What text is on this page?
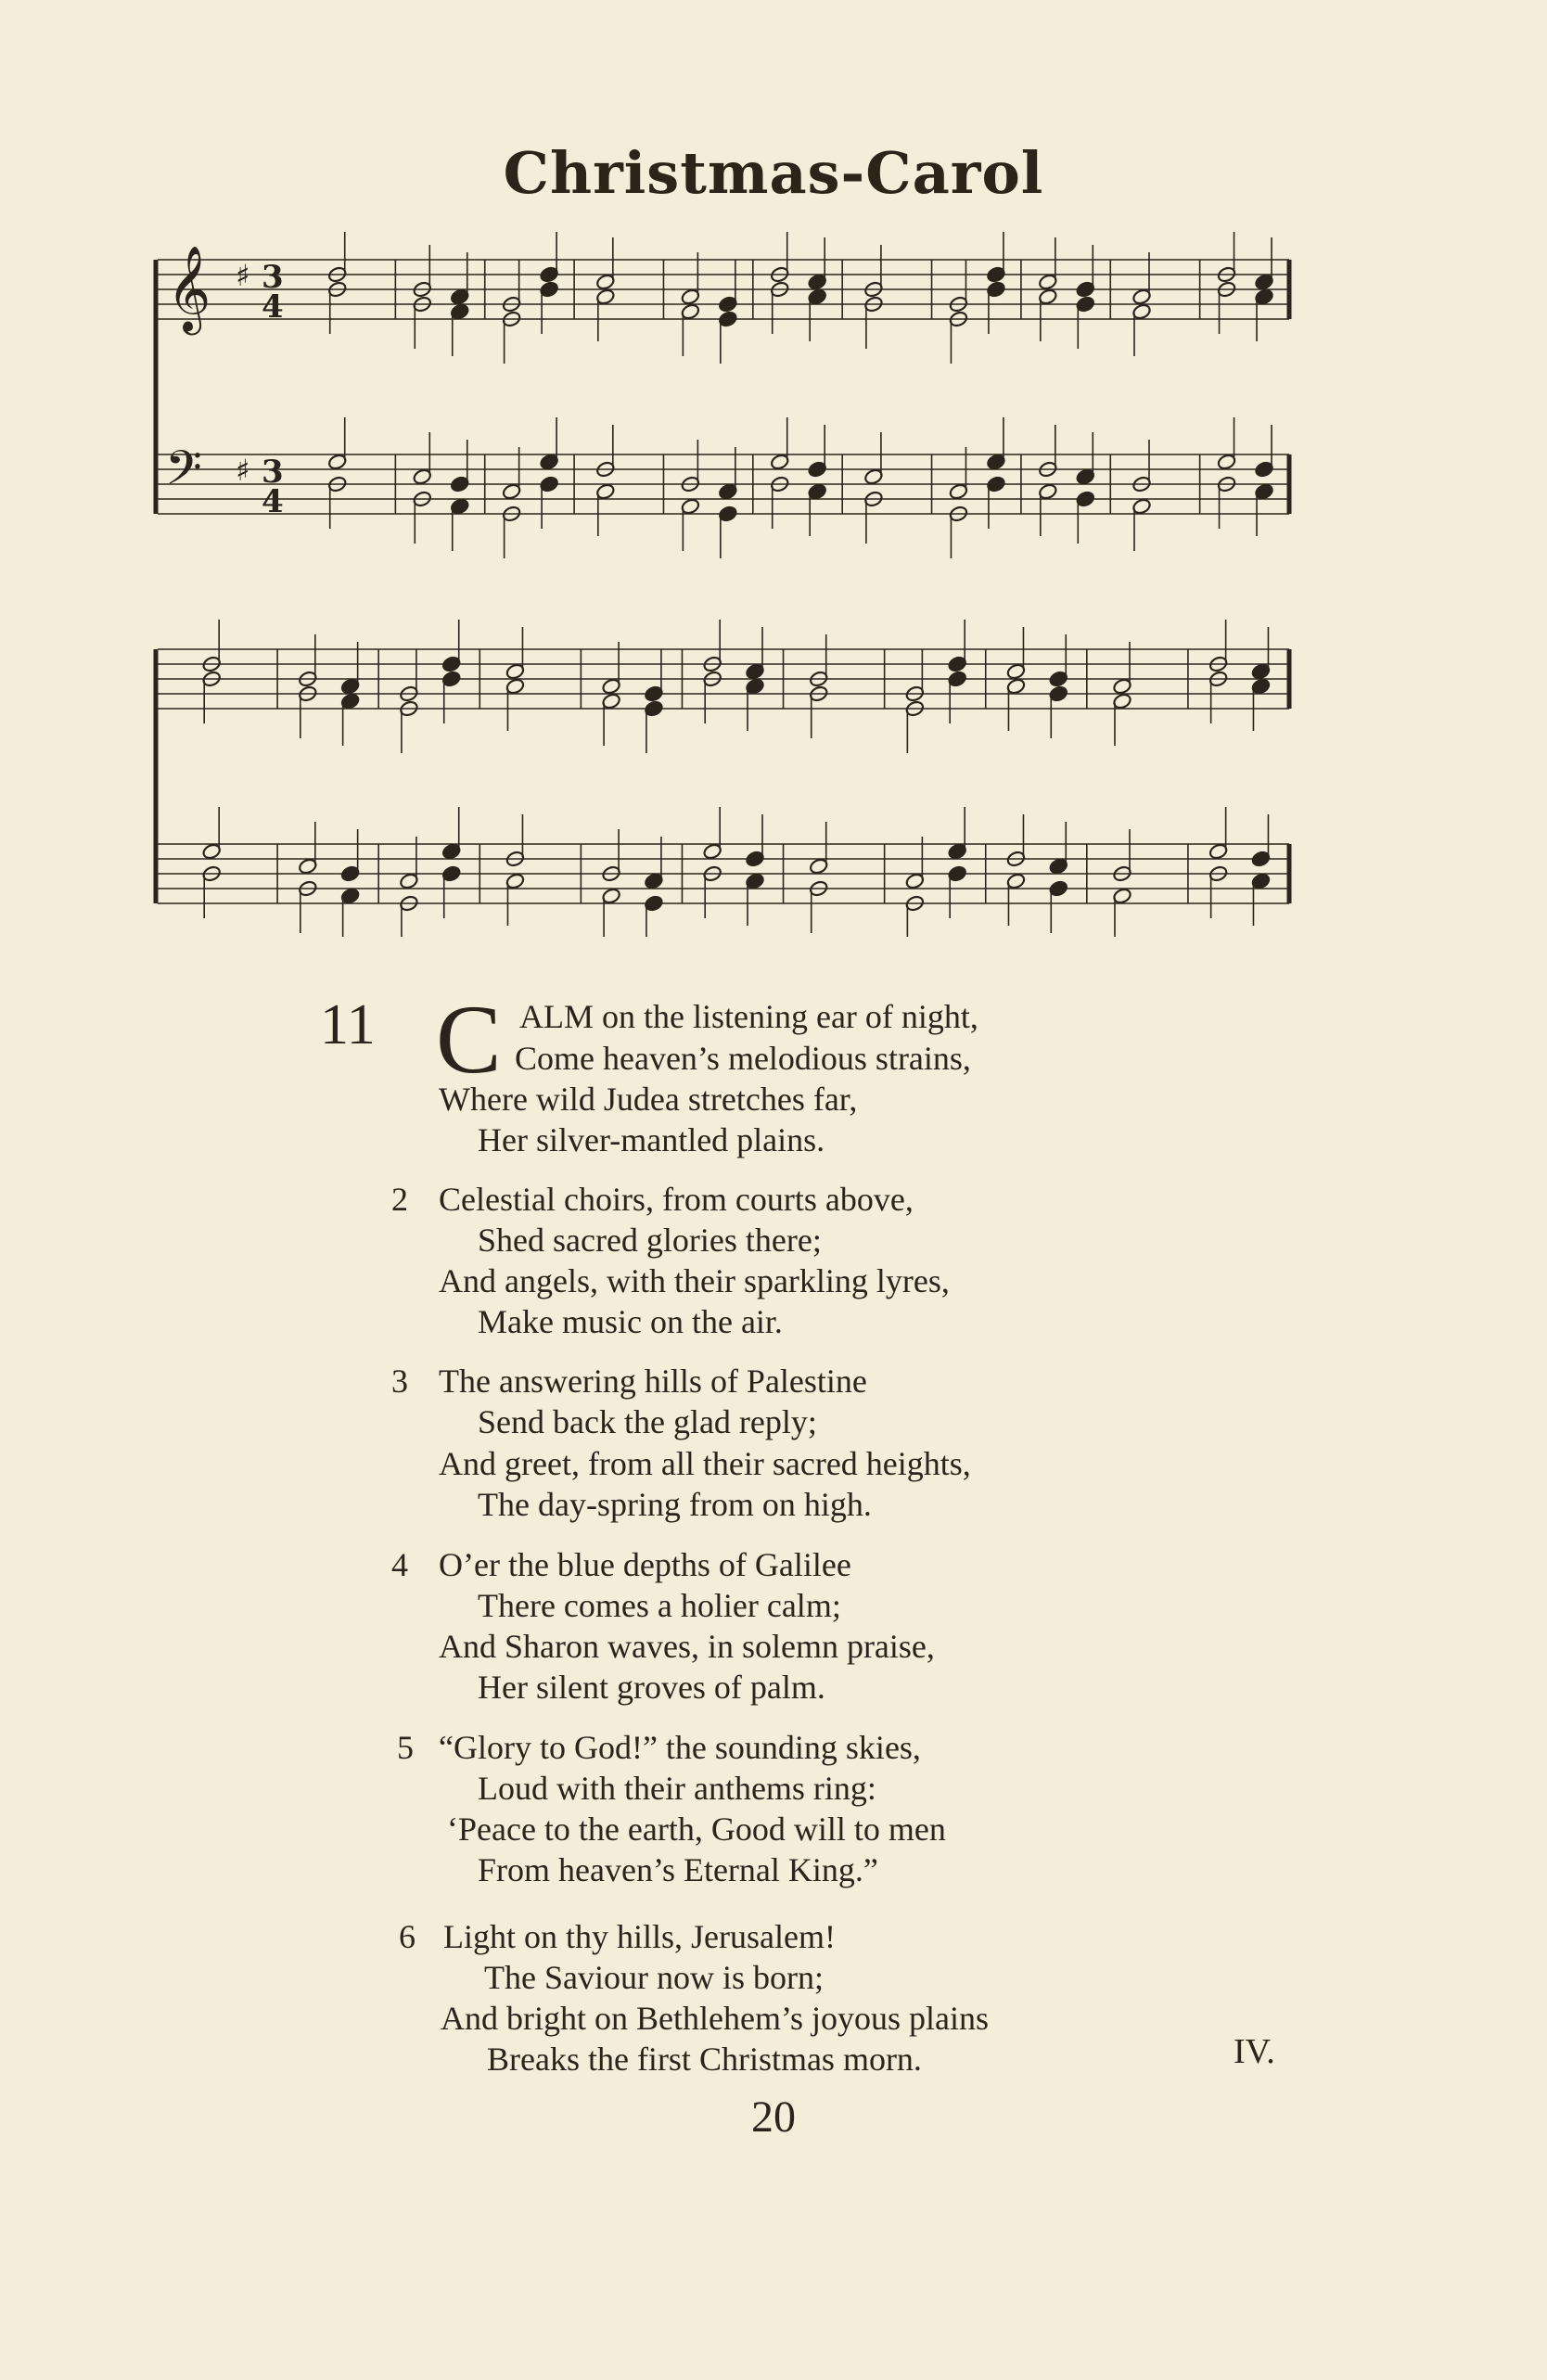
Christmas-Carol
𝄞
𝄢
♯ 3
4
♯ 3
4
11 C ALM on the listening ear of night,
Come heaven’s melodious strains,
Where wild Judea stretches far,
Her silver-mantled plains.
2 Celestial choirs, from courts above,
Shed sacred glories there;
And angels, with their sparkling lyres,
Make music on the air.
3 The answering hills of Palestine
Send back the glad reply;
And greet, from all their sacred heights,
The day-spring from on high.
4 O’er the blue depths of Galilee
There comes a holier calm;
And Sharon waves, in solemn praise,
Her silent groves of palm.
5 “Glory to God!” the sounding skies,
Loud with their anthems ring:
‘Peace to the earth, Good will to men
From heaven’s Eternal King.”
6 Light on thy hills, Jerusalem!
The Saviour now is born;
And bright on Bethlehem’s joyous plains
Breaks the first Christmas morn.	IV.
20
